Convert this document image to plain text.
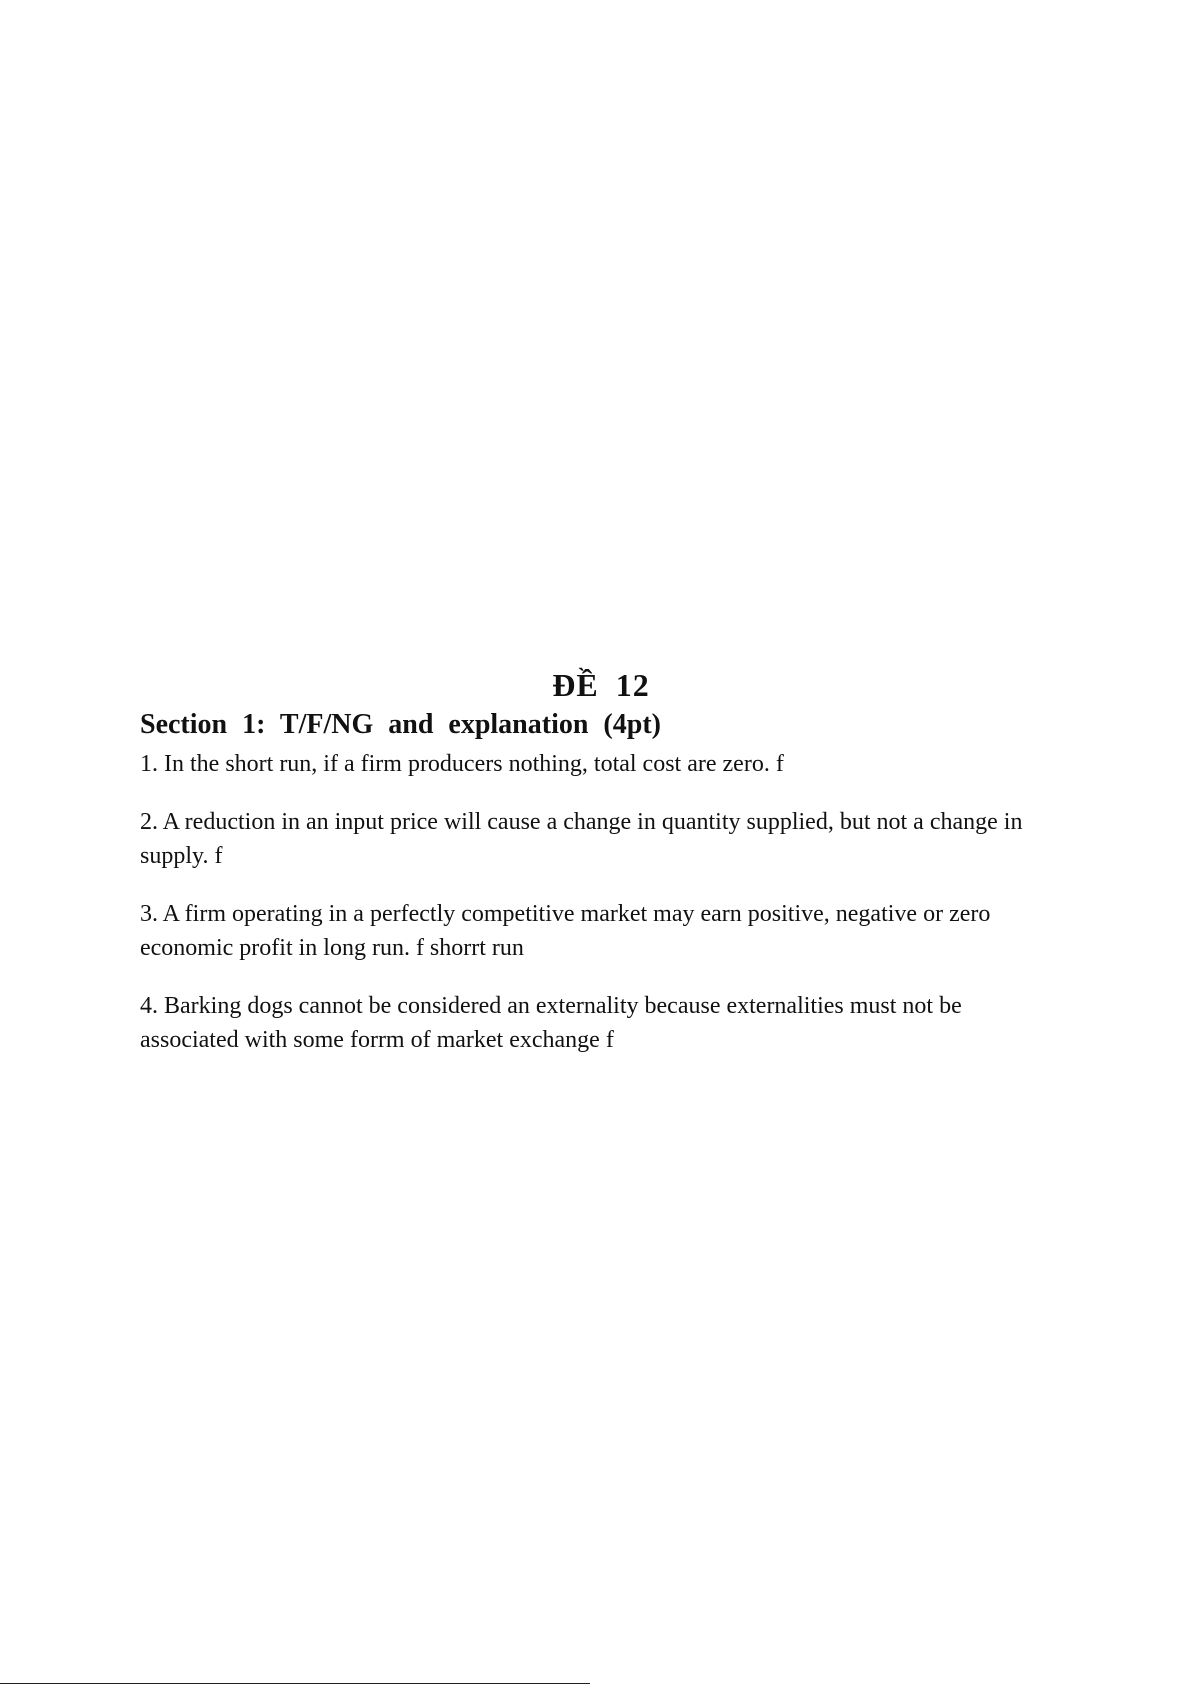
ĐỀ 12
Section 1: T/F/NG and explanation (4pt)

1. In the short run, if a firm producers nothing, total cost are zero. f

2. A reduction in an input price will cause a change in quantity supplied, but not a change in supply. f

3. A firm operating in a perfectly competitive market may earn positive, negative or zero economic profit in long run. f shorrt run

4. Barking dogs cannot be considered an externality because externalities must not be associated with some forrm of market exchange f
